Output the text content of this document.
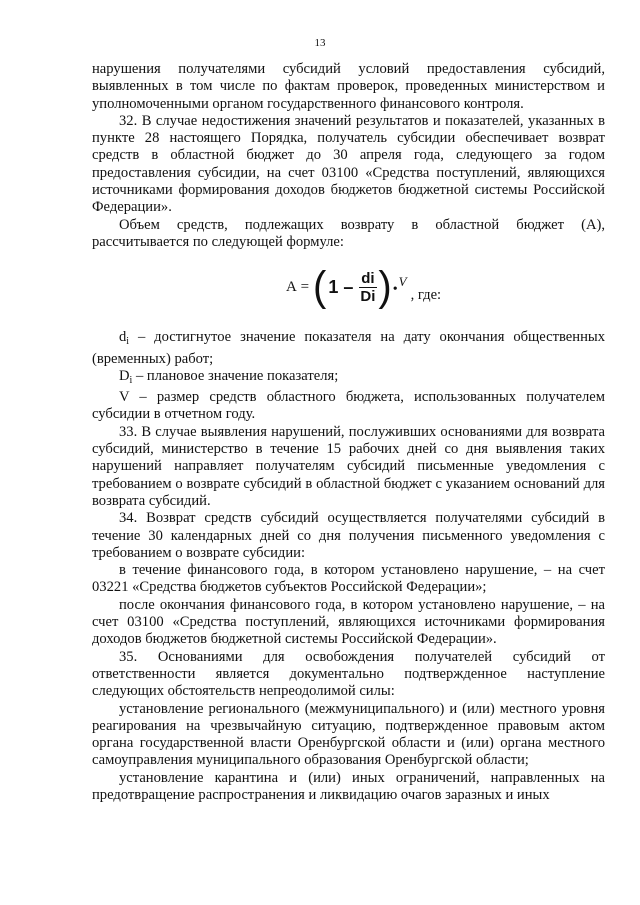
13

нарушения получателями субсидий условий предоставления субсидий, выявленных в том числе по фактам проверок, проведенных министерством и уполномоченными органом государственного финансового контроля.

32. В случае недостижения значений результатов и показателей, указанных в пункте 28 настоящего Порядка, получатель субсидии обеспечивает возврат средств в областной бюджет до 30 апреля года, следующего за годом предоставления субсидии, на счет 03100 «Средства поступлений, являющихся источниками формирования доходов бюджетов бюджетной системы Российской Федерации».

Объем средств, подлежащих возврату в областной бюджет (А), рассчитывается по следующей формуле:

А = ( $1 - \frac{di}{Di}$ ) •
V
, где:

$d_i$ – достигнутое значение показателя на дату окончания общественных (временных) работ;

$D_i$ – плановое значение показателя;

V – размер средств областного бюджета, использованных получателем субсидии в отчетном году.

33. В случае выявления нарушений, послуживших основаниями для возврата субсидий, министерство в течение 15 рабочих дней со дня выявления таких нарушений направляет получателям субсидий письменные уведомления с требованием о возврате субсидий в областной бюджет с указанием оснований для возврата субсидий.

34. Возврат средств субсидий осуществляется получателями субсидий в течение 30 календарных дней со дня получения письменного уведомления с требованием о возврате субсидии:

в течение финансового года, в котором установлено нарушение, – на счет 03221 «Средства бюджетов субъектов Российской Федерации»;

после окончания финансового года, в котором установлено нарушение, – на счет 03100 «Средства поступлений, являющихся источниками формирования доходов бюджетов бюджетной системы Российской Федерации».

35. Основаниями для освобождения получателей субсидий от ответственности является документально подтвержденное наступление следующих обстоятельств непреодолимой силы:

установление регионального (межмуниципального) и (или) местного уровня реагирования на чрезвычайную ситуацию, подтвержденное правовым актом органа государственной власти Оренбургской области и (или) органа местного самоуправления муниципального образования Оренбургской области;

установление карантина и (или) иных ограничений, направленных на предотвращение распространения и ликвидацию очагов заразных и иных
